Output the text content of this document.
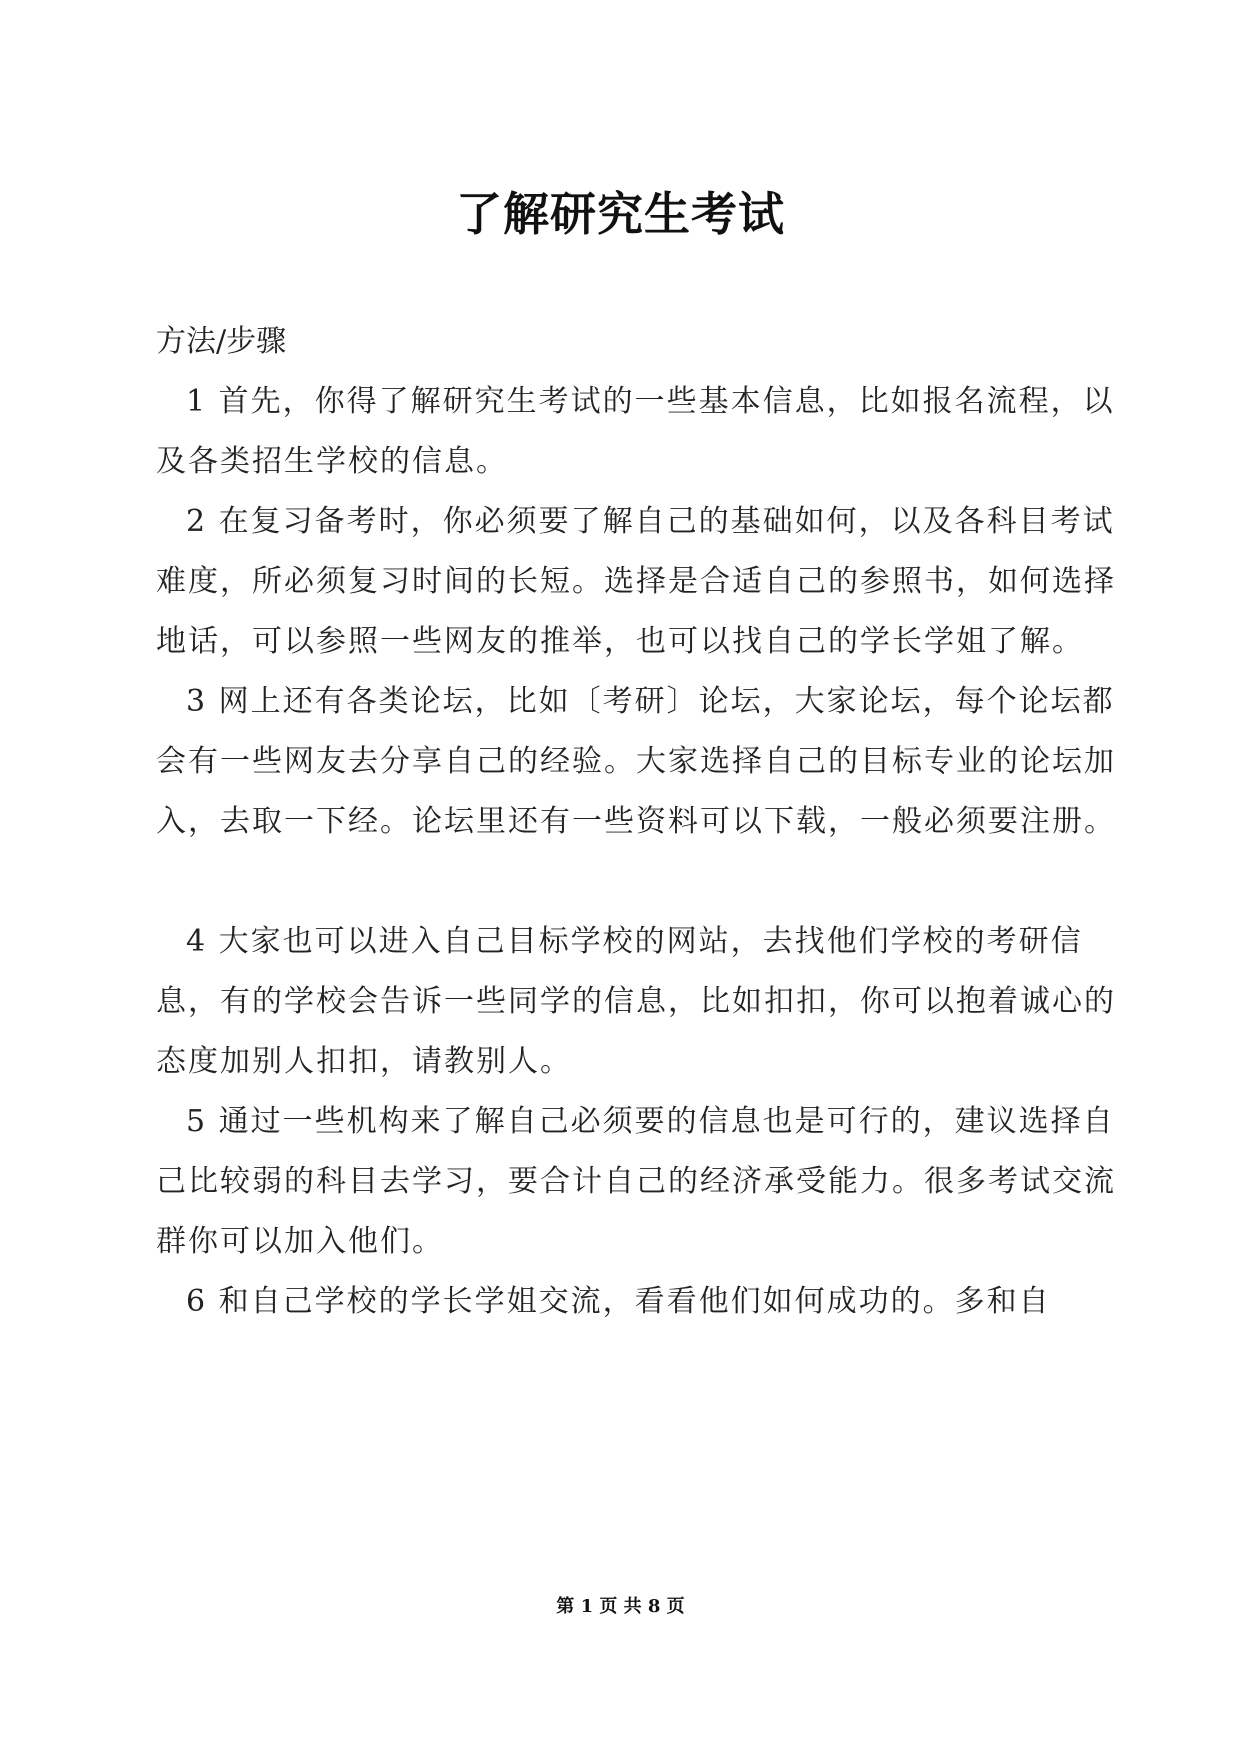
了解研究生考试

方法/步骤

1 首先，你得了解研究生考试的一些基本信息，比如报名流程，以及各类招生学校的信息。

2 在复习备考时，你必须要了解自己的基础如何，以及各科目考试难度，所必须复习时间的长短。选择是合适自己的参照书，如何选择地话，可以参照一些网友的推举，也可以找自己的学长学姐了解。

3 网上还有各类论坛，比如〔考研〕论坛，大家论坛，每个论坛都会有一些网友去分享自己的经验。大家选择自己的目标专业的论坛加入，去取一下经。论坛里还有一些资料可以下载，一般必须要注册。

4 大家也可以进入自己目标学校的网站，去找他们学校的考研信息，有的学校会告诉一些同学的信息，比如扣扣，你可以抱着诚心的态度加别人扣扣，请教别人。

5 通过一些机构来了解自己必须要的信息也是可行的，建议选择自己比较弱的科目去学习，要合计自己的经济承受能力。很多考试交流群你可以加入他们。

6 和自己学校的学长学姐交流，看看他们如何成功的。多和自

第 1 页 共 8 页
